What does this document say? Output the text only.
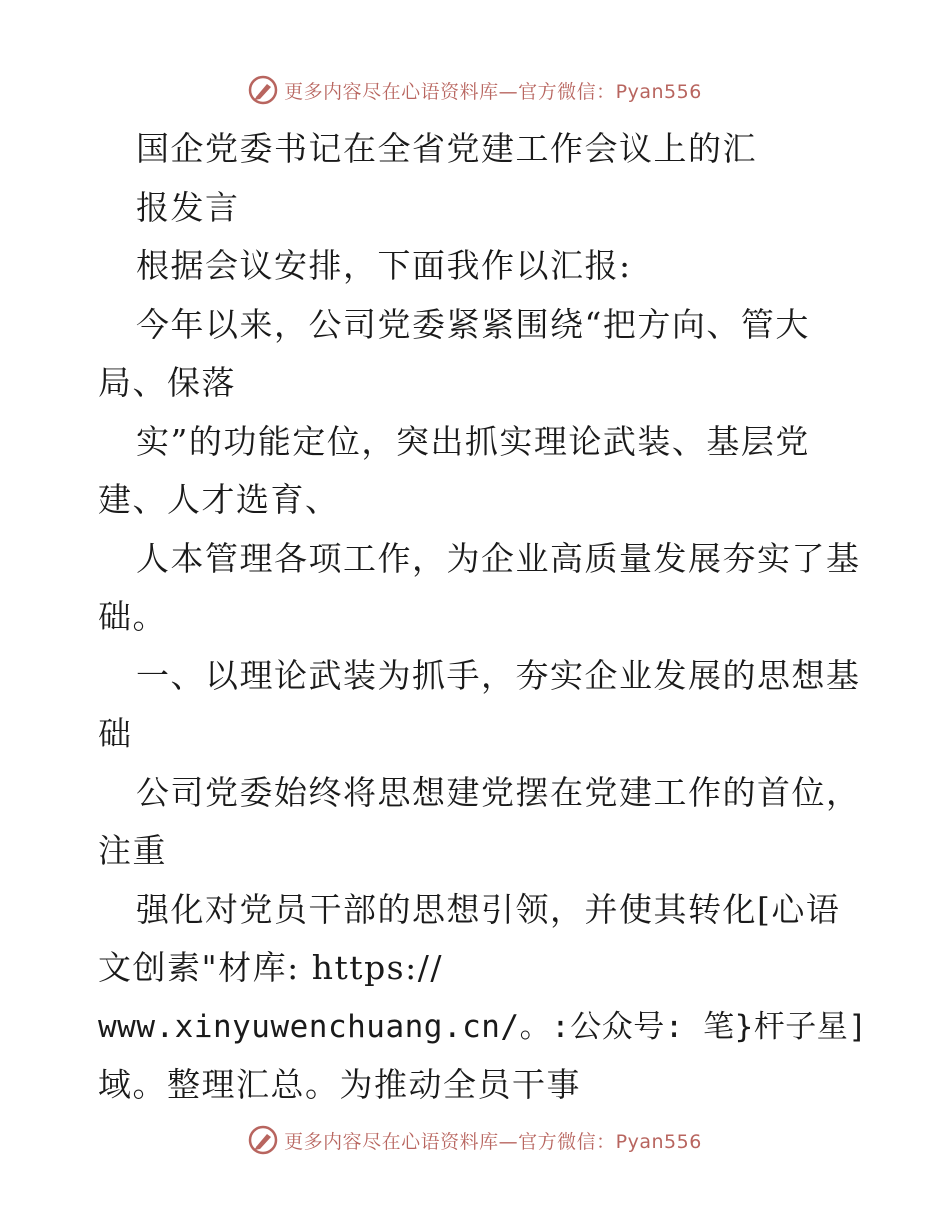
更多内容尽在心语资料库—官方微信：Pyan556
国企党委书记在全省党建工作会议上的汇
报发言
根据会议安排，下面我作以汇报:
今年以来，公司党委紧紧围绕“把方向、管大
局、保落
实”的功能定位，突出抓实理论武装、基层党
建、人才选育、
人本管理各项工作，为企业高质量发展夯实了基
础。
一、以理论武装为抓手，夯实企业发展的思想基
础
公司党委始终将思想建党摆在党建工作的首位，
注重
强化对党员干部的思想引领，并使其转化[心语
文创素"材库: https://
www.xinyuwenchuang.cn/。:公众号: 笔}杆子星]
域。整理汇总。为推动全员干事
更多内容尽在心语资料库—官方微信：Pyan556
